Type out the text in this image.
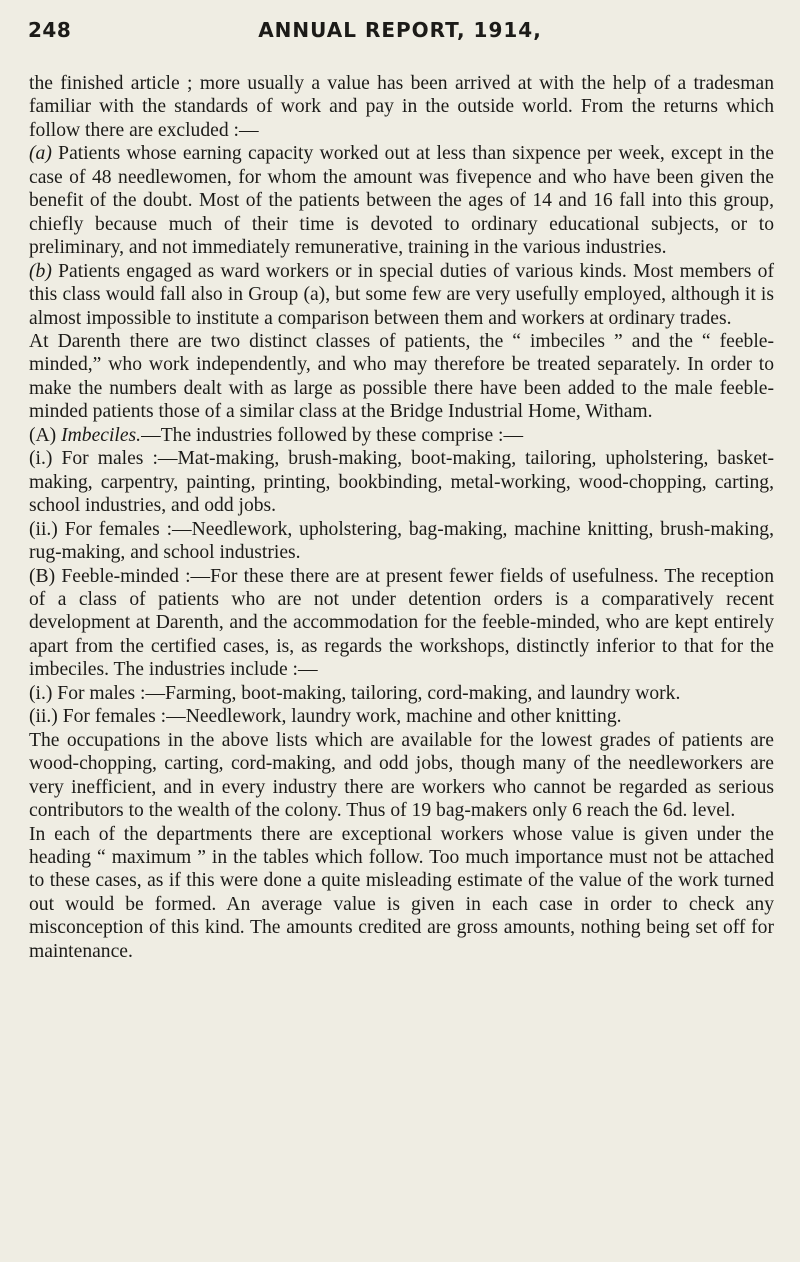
248	ANNUAL REPORT, 1914,

the finished article ; more usually a value has been arrived at with the help of a tradesman familiar with the standards of work and pay in the outside world. From the returns which follow there are excluded :—

(a) Patients whose earning capacity worked out at less than sixpence per week, except in the case of 48 needlewomen, for whom the amount was fivepence and who have been given the benefit of the doubt. Most of the patients between the ages of 14 and 16 fall into this group, chiefly because much of their time is devoted to ordinary educational subjects, or to preliminary, and not immediately remunerative, training in the various industries.

(b) Patients engaged as ward workers or in special duties of various kinds. Most members of this class would fall also in Group (a), but some few are very usefully employed, although it is almost impossible to institute a comparison between them and workers at ordinary trades.

At Darenth there are two distinct classes of patients, the “ imbeciles ” and the “ feeble-minded,” who work independently, and who may therefore be treated separately. In order to make the numbers dealt with as large as possible there have been added to the male feeble-minded patients those of a similar class at the Bridge Industrial Home, Witham.

(A) Imbeciles.—The industries followed by these comprise :—

(i.) For males :—Mat-making, brush-making, boot-making, tailoring, upholstering, basket-making, carpentry, painting, printing, bookbinding, metal-working, wood-chopping, carting, school industries, and odd jobs.

(ii.) For females :—Needlework, upholstering, bag-making, machine knitting, brush-making, rug-making, and school industries.

(B) Feeble-minded :—For these there are at present fewer fields of usefulness. The reception of a class of patients who are not under detention orders is a comparatively recent development at Darenth, and the accommodation for the feeble-minded, who are kept entirely apart from the certified cases, is, as regards the workshops, distinctly inferior to that for the imbeciles. The industries include :—

(i.) For males :—Farming, boot-making, tailoring, cord-making, and laundry work.

(ii.) For females :—Needlework, laundry work, machine and other knitting.

The occupations in the above lists which are available for the lowest grades of patients are wood-chopping, carting, cord-making, and odd jobs, though many of the needleworkers are very inefficient, and in every industry there are workers who cannot be regarded as serious contributors to the wealth of the colony. Thus of 19 bag-makers only 6 reach the 6d. level.

In each of the departments there are exceptional workers whose value is given under the heading “ maximum ” in the tables which follow. Too much importance must not be attached to these cases, as if this were done a quite misleading estimate of the value of the work turned out would be formed. An average value is given in each case in order to check any misconception of this kind. The amounts credited are gross amounts, nothing being set off for maintenance.
